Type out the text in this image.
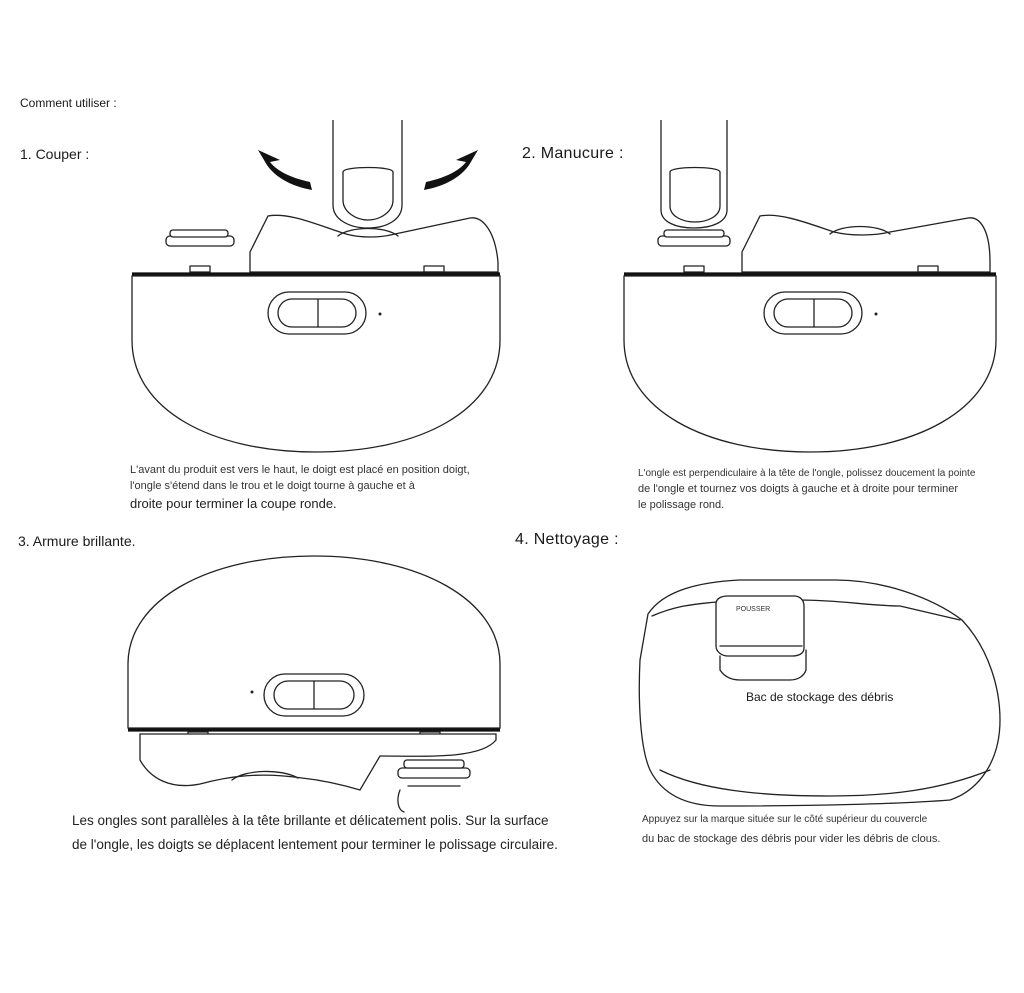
Comment utiliser :
1. Couper :
L'avant du produit est vers le haut, le doigt est placé en position doigt,
l'ongle s'étend dans le trou et le doigt tourne à gauche et à
droite pour terminer la coupe ronde.
2. Manucure :
L'ongle est perpendiculaire à la tête de l'ongle, polissez doucement la pointe
de l'ongle et tournez vos doigts à gauche et à droite pour terminer
le polissage rond.
3. Armure brillante.
Les ongles sont parallèles à la tête brillante et délicatement polis. Sur la surface
de l'ongle, les doigts se déplacent lentement pour terminer le polissage circulaire.
4. Nettoyage :
POUSSER
Bac de stockage des débris
Appuyez sur la marque située sur le côté supérieur du couvercle
du bac de stockage des débris pour vider les débris de clous.
